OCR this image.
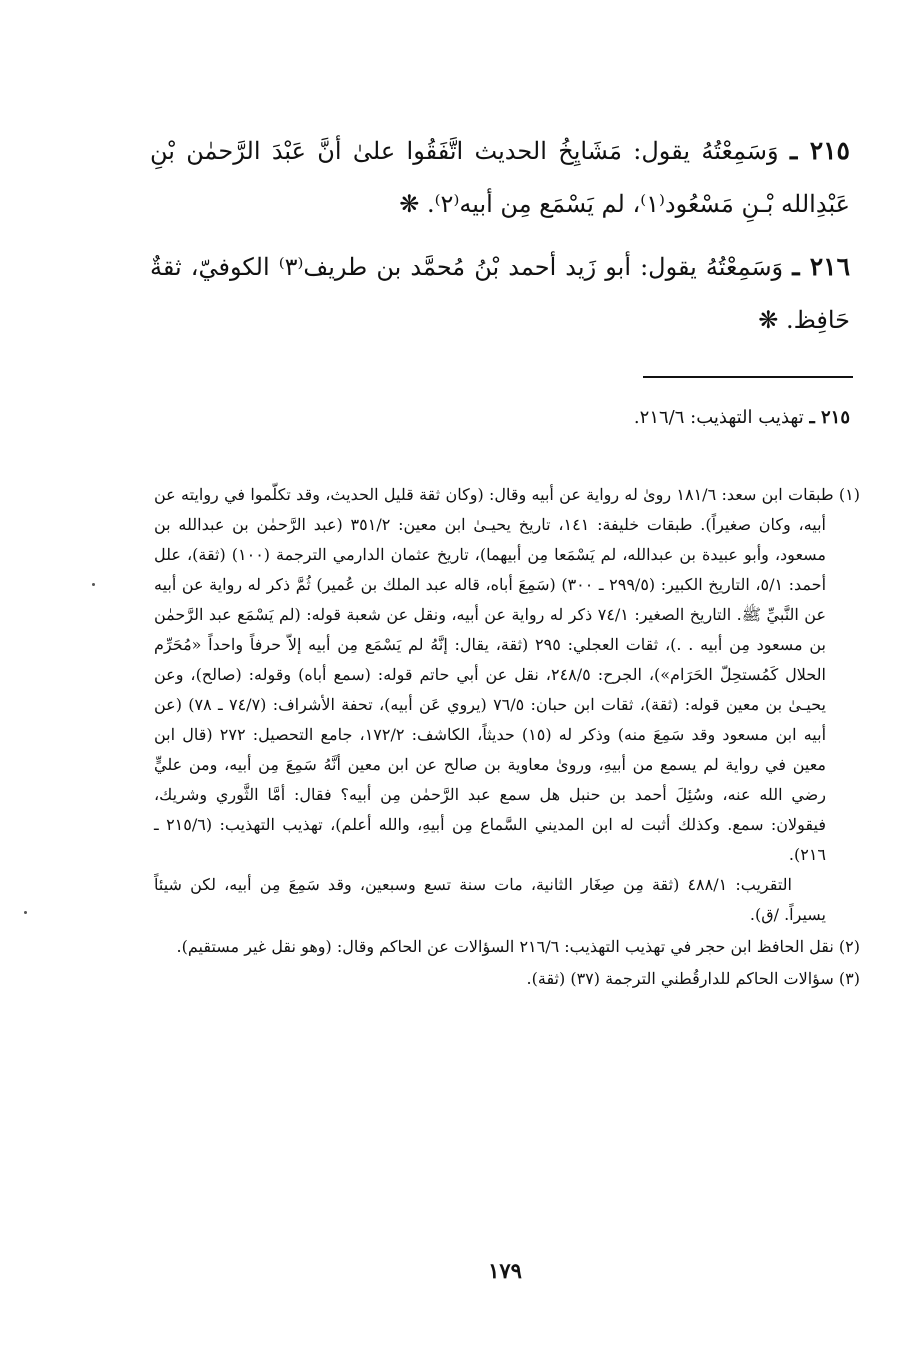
٢١٥ ـ وَسَمِعْتُهُ يقول: مَشَايِخُ الحديث اتَّفَقُوا علىٰ أنَّ عَبْدَ الرَّحمٰن بْنِ عَبْدِالله بْـنِ مَسْعُود⁽١⁾، لم يَسْمَع مِن أبيه⁽٢⁾. ❋

٢١٦ ـ وَسَمِعْتُهُ يقول: أبو زَيد أحمد بْنُ مُحمَّد بن طريف⁽٣⁾ الكوفيّ، ثقةٌ حَافِظ. ❋

٢١٥ ـ تهذيب التهذيب: ٢١٦/٦.

(١) طبقات ابن سعد: ١٨١/٦ روىٰ له رواية عن أبيه وقال: (وكان ثقة قليل الحديث، وقد تكلّموا في روايته عن أبيه، وكان صغيراً). طبقات خليفة: ١٤١، تاريخ يحيـىٰ ابن معين: ٣٥١/٢ (عبد الرَّحمٰن بن عبدالله بن مسعود، وأبو عبيدة بن عبدالله، لم يَسْمَعا مِن أبيهما)، تاريخ عثمان الدارمي الترجمة (١٠٠) (ثقة)، علل أحمد: ٥/١، التاريخ الكبير: (٢٩٩/٥ ـ ٣٠٠) (سَمِعَ أباه، قاله عبد الملك بن عُمير) ثُمَّ ذكر له رواية عن أبيه عن النَّبيِّ ﷺ. التاريخ الصغير: ٧٤/١ ذكر له رواية عن أبيه، ونقل عن شعبة قوله: (لم يَسْمَع عبد الرَّحمٰن بن مسعود مِن أبيه . .)، ثقات العجلي: ٢٩٥ (ثقة، يقال: إنَّهُ لم يَسْمَع مِن أبيه إلاّ حرفاً واحداً «مُحَرِّم الحلال كَمُستحِلّ الحَرَام»)، الجرح: ٢٤٨/٥، نقل عن أبي حاتم قوله: (سمع أباه) وقوله: (صالح)، وعن يحيـىٰ بن معين قوله: (ثقة)، ثقات ابن حبان: ٧٦/٥ (يروي عَن أبيه)، تحفة الأشراف: (٧٤/٧ ـ ٧٨) (عن أبيه ابن مسعود وقد سَمِعَ منه) وذكر له (١٥) حديثاً، الكاشف: ١٧٢/٢، جامع التحصيل: ٢٧٢ (قال ابن معين في رواية لم يسمع من أبيهِ، وروىٰ معاوية بن صالح عن ابن معين أنَّهُ سَمِعَ مِن أبيه، ومن عليٍّ رضي الله عنه، وسُئِلَ أحمد بن حنبل هل سمع عبد الرَّحمٰن مِن أبيه؟ فقال: أمَّا الثَّوري وشريك، فيقولان: سمع. وكذلك أثبت له ابن المديني السَّماع مِن أبيهِ، والله أعلم)، تهذيب التهذيب: (٢١٥/٦ ـ ٢١٦).

التقريب: ٤٨٨/١ (ثقة مِن صِغَار الثانية، مات سنة تسع وسبعين، وقد سَمِعَ مِن أبيه، لكن شيئاً يسيراً. /ق).

(٢) نقل الحافظ ابن حجر في تهذيب التهذيب: ٢١٦/٦ السؤالات عن الحاكم وقال: (وهو نقل غير مستقيم).

(٣) سؤالات الحاكم للدارقُطني الترجمة (٣٧) (ثقة).

١٧٩
